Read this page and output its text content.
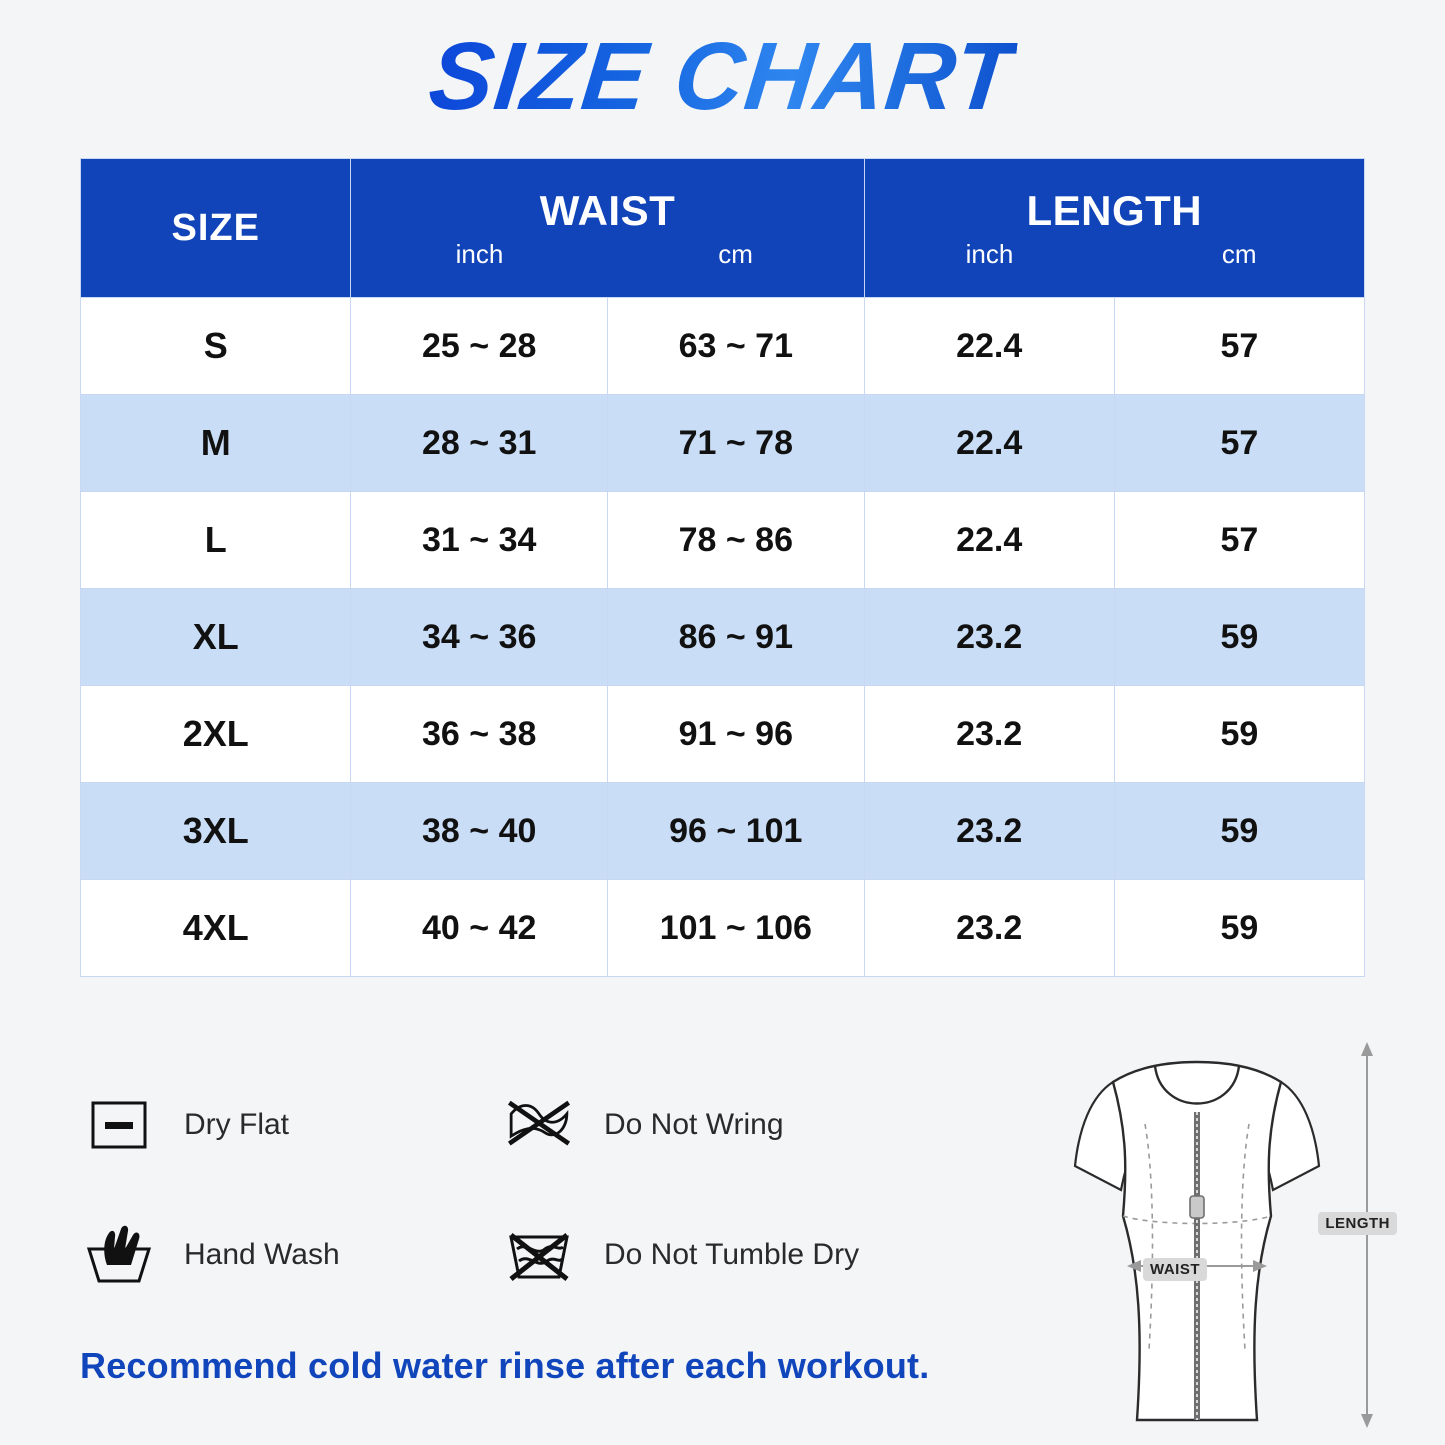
SIZE CHART
SIZE	WAIST
inch	cm

LENGTH
inch	cm

S	25 ~ 28	63 ~ 71	22.4	57
M	28 ~ 31	71 ~ 78	22.4	57
L	31 ~ 34	78 ~ 86	22.4	57
XL	34 ~ 36	86 ~ 91	23.2	59
2XL	36 ~ 38	91 ~ 96	23.2	59
3XL	38 ~ 40	96 ~ 101	23.2	59
4XL	40 ~ 42	101 ~ 106	23.2	59
Dry Flat	Do Not Wring
Hand Wash	Do Not Tumble Dry
Recommend cold water rinse after each workout.
LENGTH
WAIST
